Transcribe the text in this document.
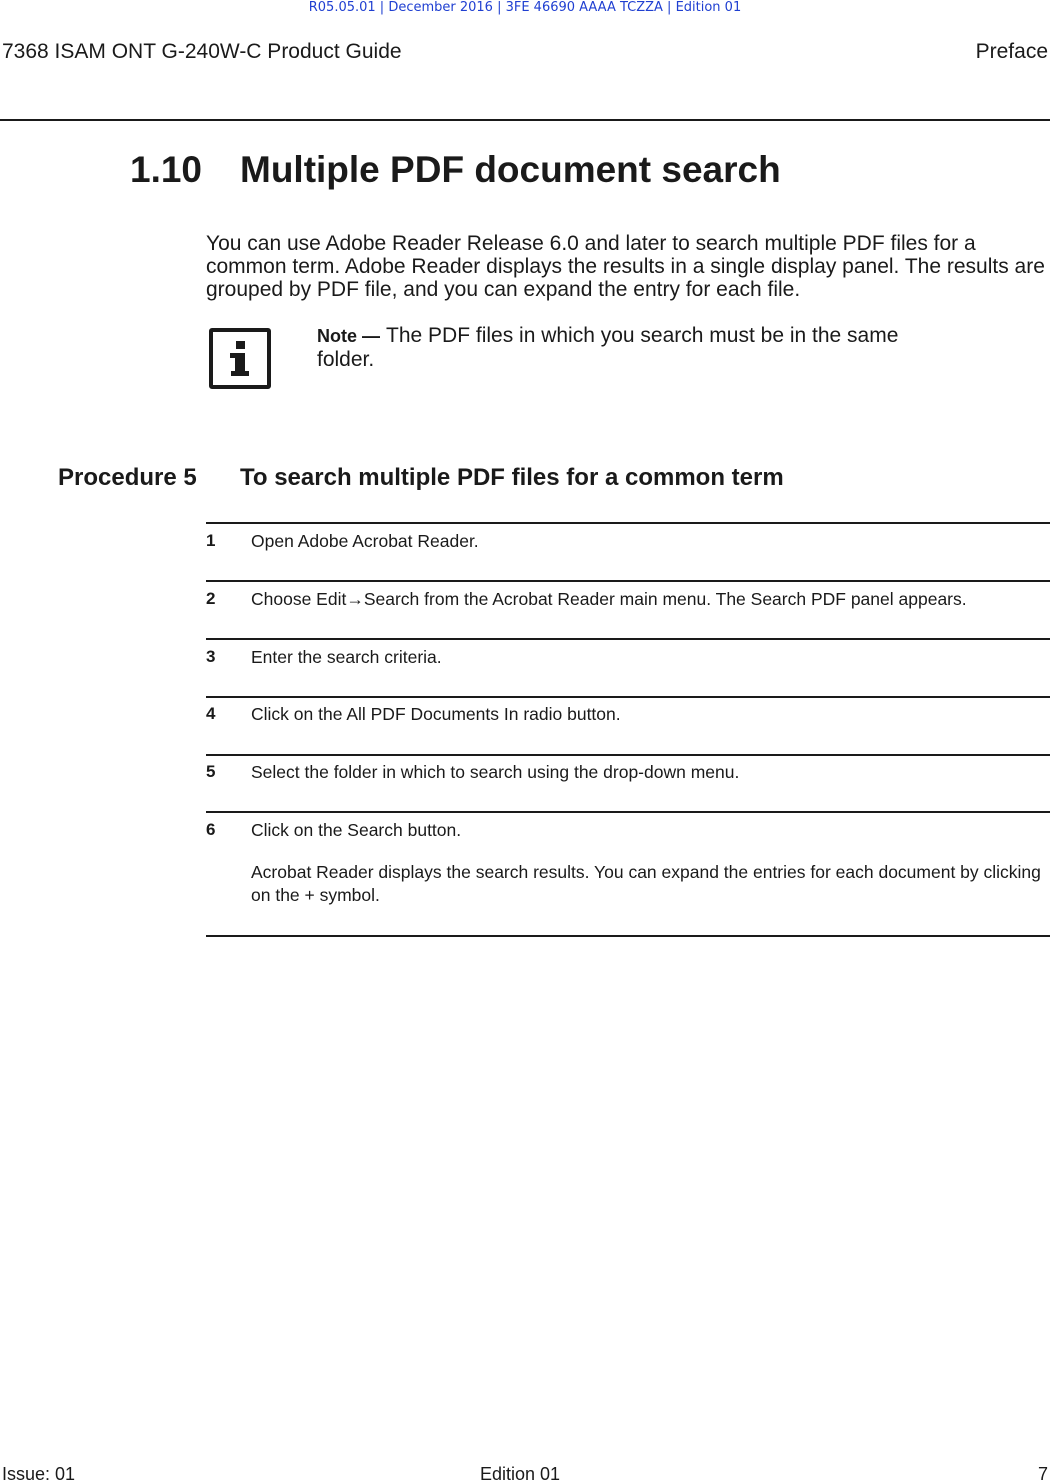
R05.05.01 | December 2016 | 3FE 46690 AAAA TCZZA | Edition 01
7368 ISAM ONT G-240W-C Product Guide	Preface
1.10 Multiple PDF document search

You can use Adobe Reader Release 6.0 and later to search multiple PDF files for a common term. Adobe Reader displays the results in a single display panel. The results are grouped by PDF file, and you can expand the entry for each file.

Note — The PDF files in which you search must be in the same folder.

Procedure 5 To search multiple PDF files for a common term
1 Open Adobe Acrobat Reader.
2 Choose Edit→Search from the Acrobat Reader main menu. The Search PDF panel appears.
3 Enter the search criteria.
4 Click on the All PDF Documents In radio button.
5 Select the folder in which to search using the drop-down menu.
6 Click on the Search button.

Acrobat Reader displays the search results. You can expand the entries for each document by clicking on the + symbol.

Issue: 01	Edition 01	7
